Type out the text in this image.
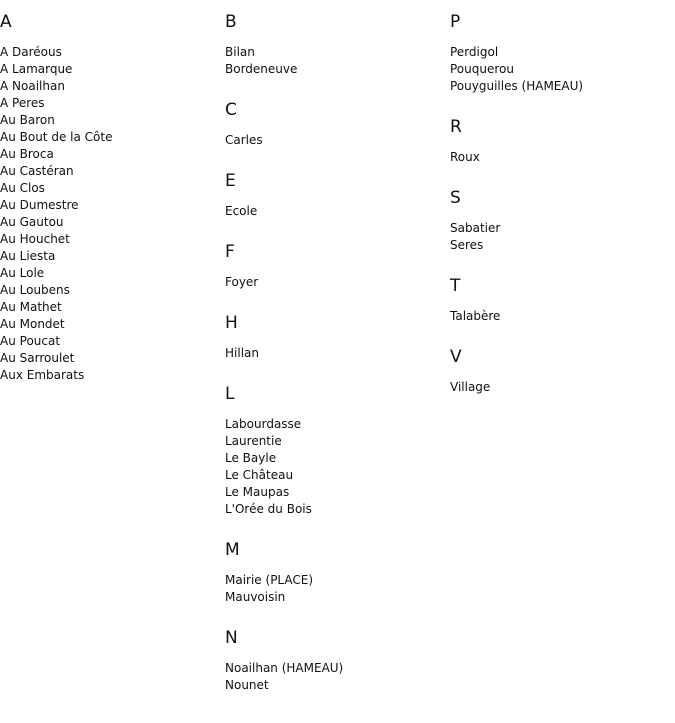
A
A Daréous
A Lamarque
A Noailhan
A Peres
Au Baron
Au Bout de la Côte
Au Broca
Au Castéran
Au Clos
Au Dumestre
Au Gautou
Au Houchet
Au Liesta
Au Lole
Au Loubens
Au Mathet
Au Mondet
Au Poucat
Au Sarroulet
Aux Embarats
B
Bilan
Bordeneuve
C
Carles
E
Ecole
F
Foyer
H
Hillan
L
Labourdasse
Laurentie
Le Bayle
Le Château
Le Maupas
L'Orée du Bois
M
Mairie (PLACE)
Mauvoisin
N
Noailhan (HAMEAU)
Nounet
P
Perdigol
Pouquerou
Pouyguilles (HAMEAU)
R
Roux
S
Sabatier
Seres
T
Talabère
V
Village
